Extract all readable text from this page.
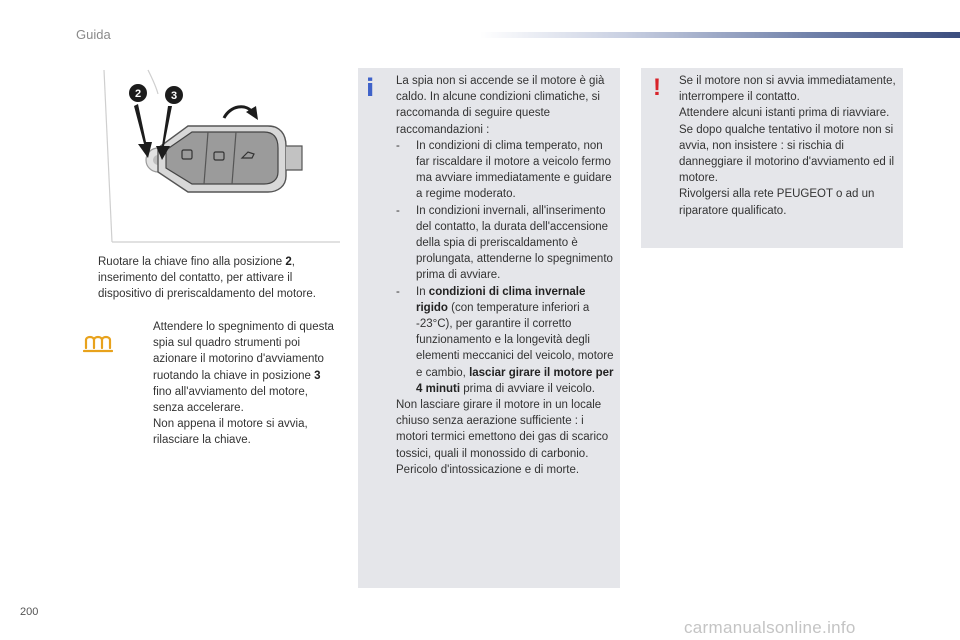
Guida
2	3
Ruotare la chiave fino alla posizione 2, inserimento del contatto, per attivare il dispositivo di preriscaldamento del motore.
Attendere lo spegnimento di questa spia sul quadro strumenti poi azionare il motorino d'avviamento ruotando la chiave in posizione 3 fino all'avviamento del motore, senza accelerare.
Non appena il motore si avvia, rilasciare la chiave.
i La spia non si accende se il motore è già caldo. In alcune condizioni climatiche, si raccomanda di seguire queste raccomandazioni :

- In condizioni di clima temperato, non far riscaldare il motore a veicolo fermo ma avviare immediatamente e guidare a regime moderato.
- In condizioni invernali, all'inserimento del contatto, la durata dell'accensione della spia di preriscaldamento è prolungata, attenderne lo spegnimento prima di avviare.
- In condizioni di clima invernale rigido (con temperature inferiori a -23°C), per garantire il corretto funzionamento e la longevità degli elementi meccanici del veicolo, motore e cambio, lasciar girare il motore per 4 minuti prima di avviare il veicolo.

Non lasciare girare il motore in un locale chiuso senza aerazione sufficiente : i motori termici emettono dei gas di scarico tossici, quali il monossido di carbonio. Pericolo d'intossicazione e di morte.

! Se il motore non si avvia immediatamente, interrompere il contatto.

Attendere alcuni istanti prima di riavviare. Se dopo qualche tentativo il motore non si avvia, non insistere : si rischia di danneggiare il motorino d'avviamento ed il motore.

Rivolgersi alla rete PEUGEOT o ad un riparatore qualificato.

200
carmanualsonline.info
